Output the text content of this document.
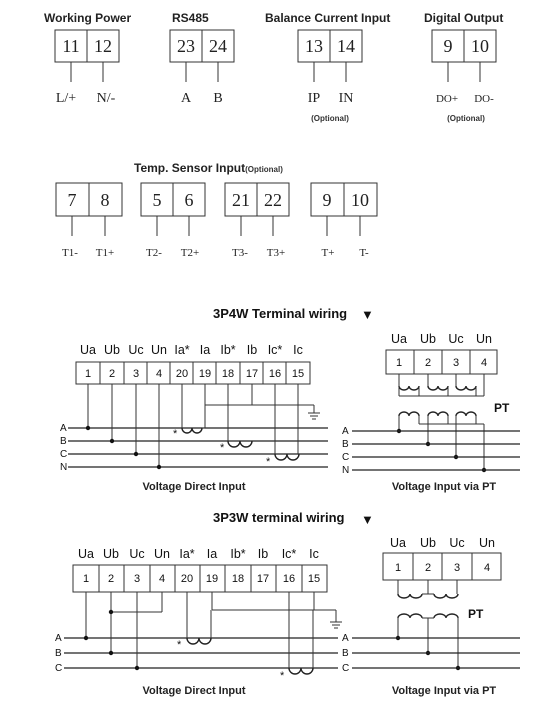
Working Power
11 12
L/+ N/-
RS485
23 24
A B
Balance Current Input
13 14
IP IN
(Optional)
Digital Output
9 10
DO+ DO-
(Optional)
Temp. Sensor Input(Optional)
7 8
T1- T1+
5 6
T2- T2+
21 22
T3- T3+
9 10
T+ T-
3P4W Terminal wiring ▼
Ua Ub Uc Un Ia* Ia Ib* Ib Ic* Ic
1 2 3 4 20 19 18 17 16 15
A
B
C
N
*
*
*
Voltage Direct Input
Ua Ub Uc Un
1 2 3 4
PT
A
B
C
N
Voltage Input via PT
3P3W terminal wiring ▼
Ua Ub Uc Un Ia* Ia Ib* Ib Ic* Ic
1 2 3 4 20 19 18 17 16 15
A
B
C
*
*
Voltage Direct Input
Ua Ub Uc Un
1 2 3 4
PT
A
B
C
Voltage Input via PT
